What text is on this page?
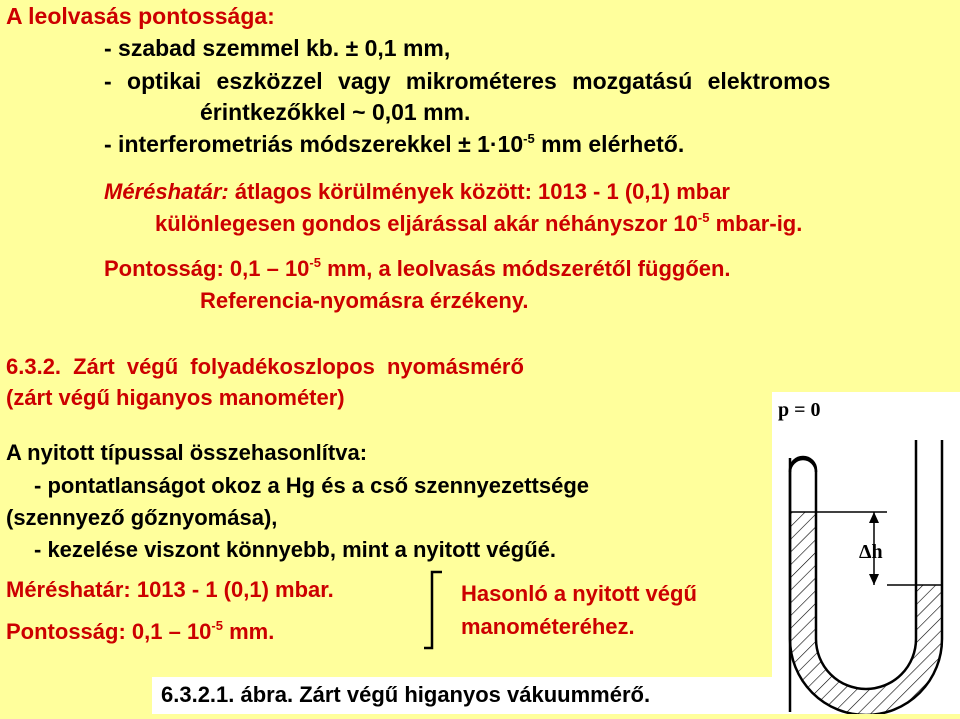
A leolvasás pontossága:
- szabad szemmel kb. ± 0,1 mm,
- optikai eszközzel vagy mikrométeres mozgatású elektromos
érintkezőkkel ~ 0,01 mm.
- interferometriás módszerekkel ± $1\cdot 10^{-5}$ mm elérhető.
Méréshatár: átlagos körülmények között: 1013 - 1 (0,1) mbar
különlegesen gondos eljárással akár néhányszor $10^{-5}$ mbar-ig.
Pontosság: $0,1 - 10^{-5}$ mm, a leolvasás módszerétől függően.
Referencia-nyomásra érzékeny.
6.3.2. Zárt végű folyadékoszlopos nyomásmérő
(zárt végű higanyos manométer)
A nyitott típussal összehasonlítva:
- pontatlanságot okoz a Hg és a cső szennyezettsége
(szennyező gőznyomása),
- kezelése viszont könnyebb, mint a nyitott végűé.
Méréshatár: 1013 - 1 (0,1) mbar.
Pontosság: $0,1 - 10^{-5}$ mm.
Hasonló a nyitott végű
manométeréhez.
p = 0
Δh
6.3.2.1. ábra. Zárt végű higanyos vákuummérő.
